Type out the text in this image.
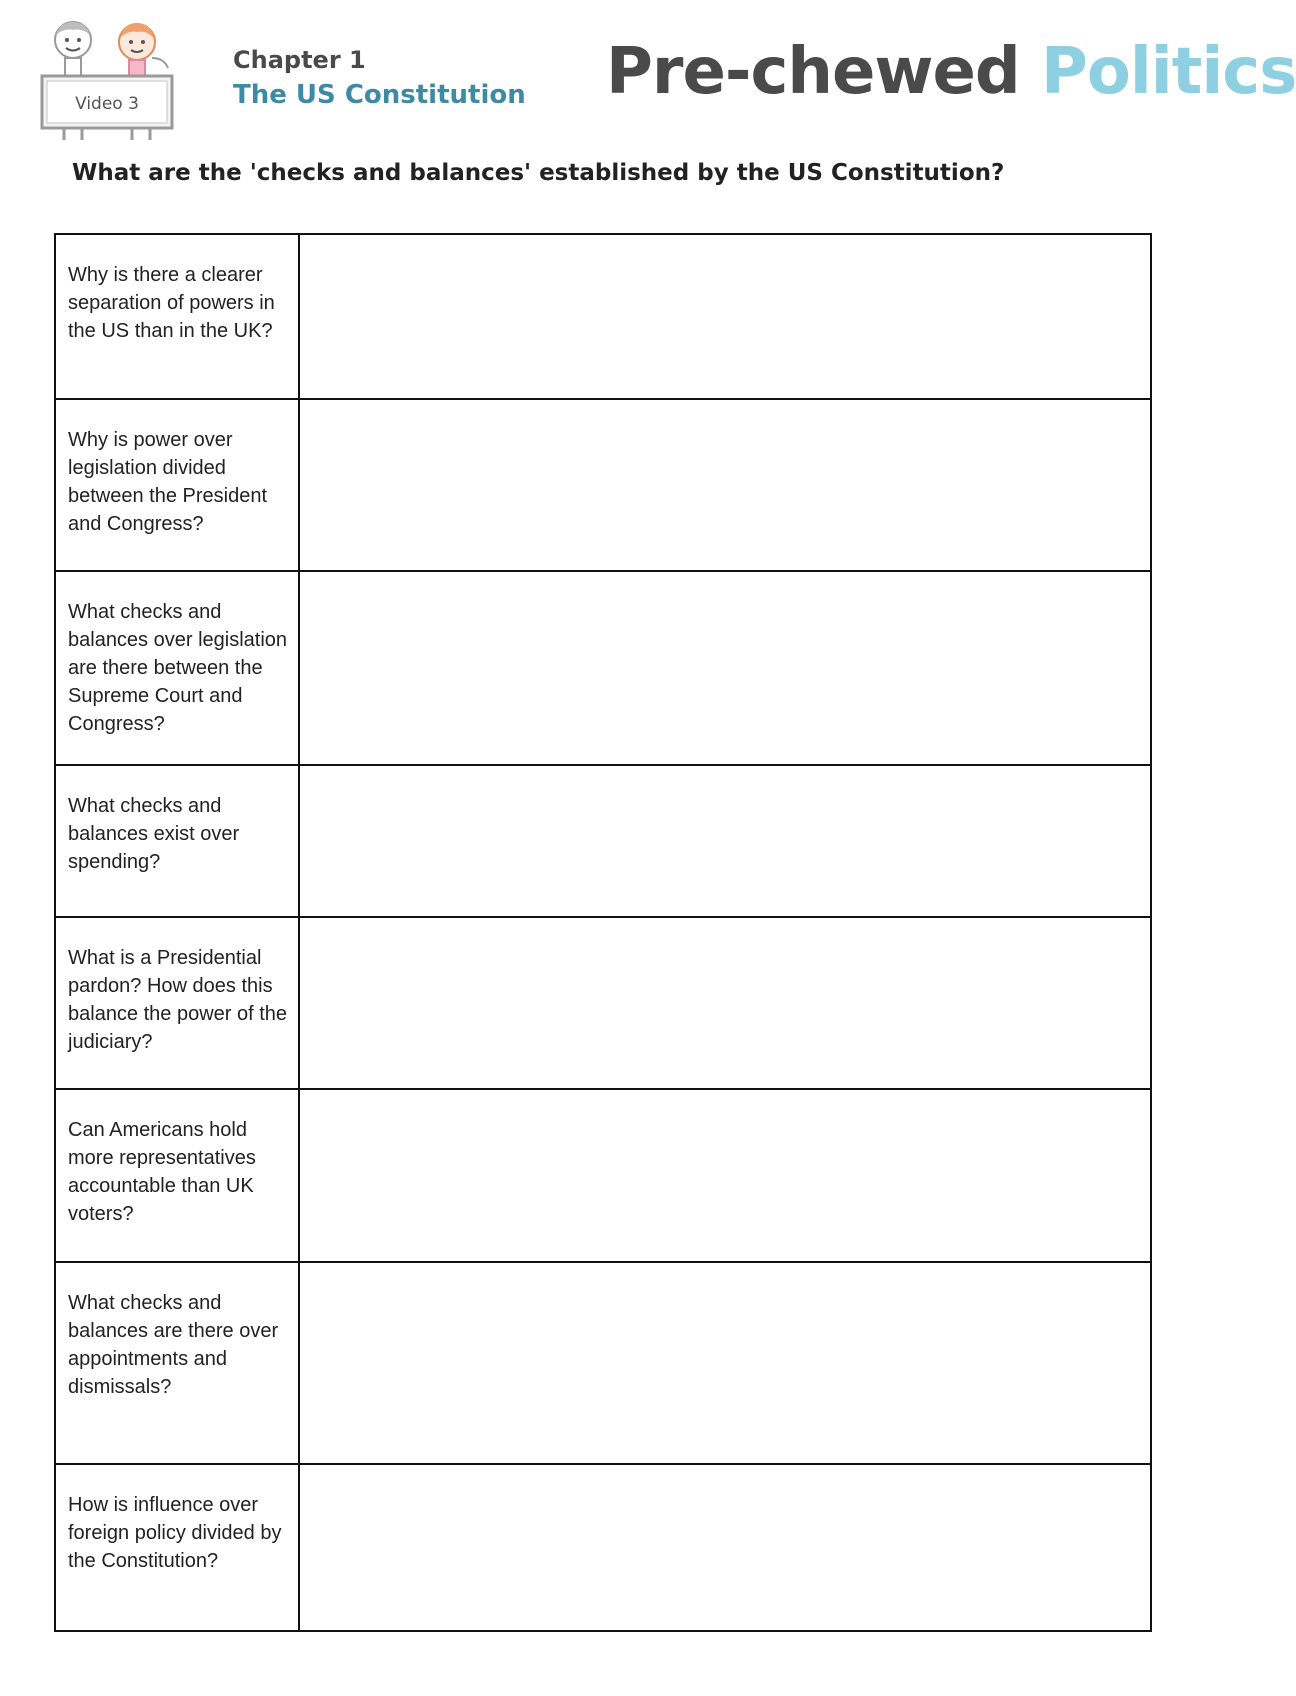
Video 3
Chapter 1
The US Constitution Pre-chewed Politics
What are the 'checks and balances' established by the US Constitution?
Why is there a clearer separation of powers in the US than in the UK?	
Why is power over legislation divided between the President and Congress?	
What checks and balances over legislation are there between the Supreme Court and Congress?	
What checks and balances exist over spending?	
What is a Presidential pardon? How does this balance the power of the judiciary?	
Can Americans hold more representatives accountable than UK voters?	
What checks and balances are there over appointments and dismissals?	
How is influence over foreign policy divided by the Constitution?	
